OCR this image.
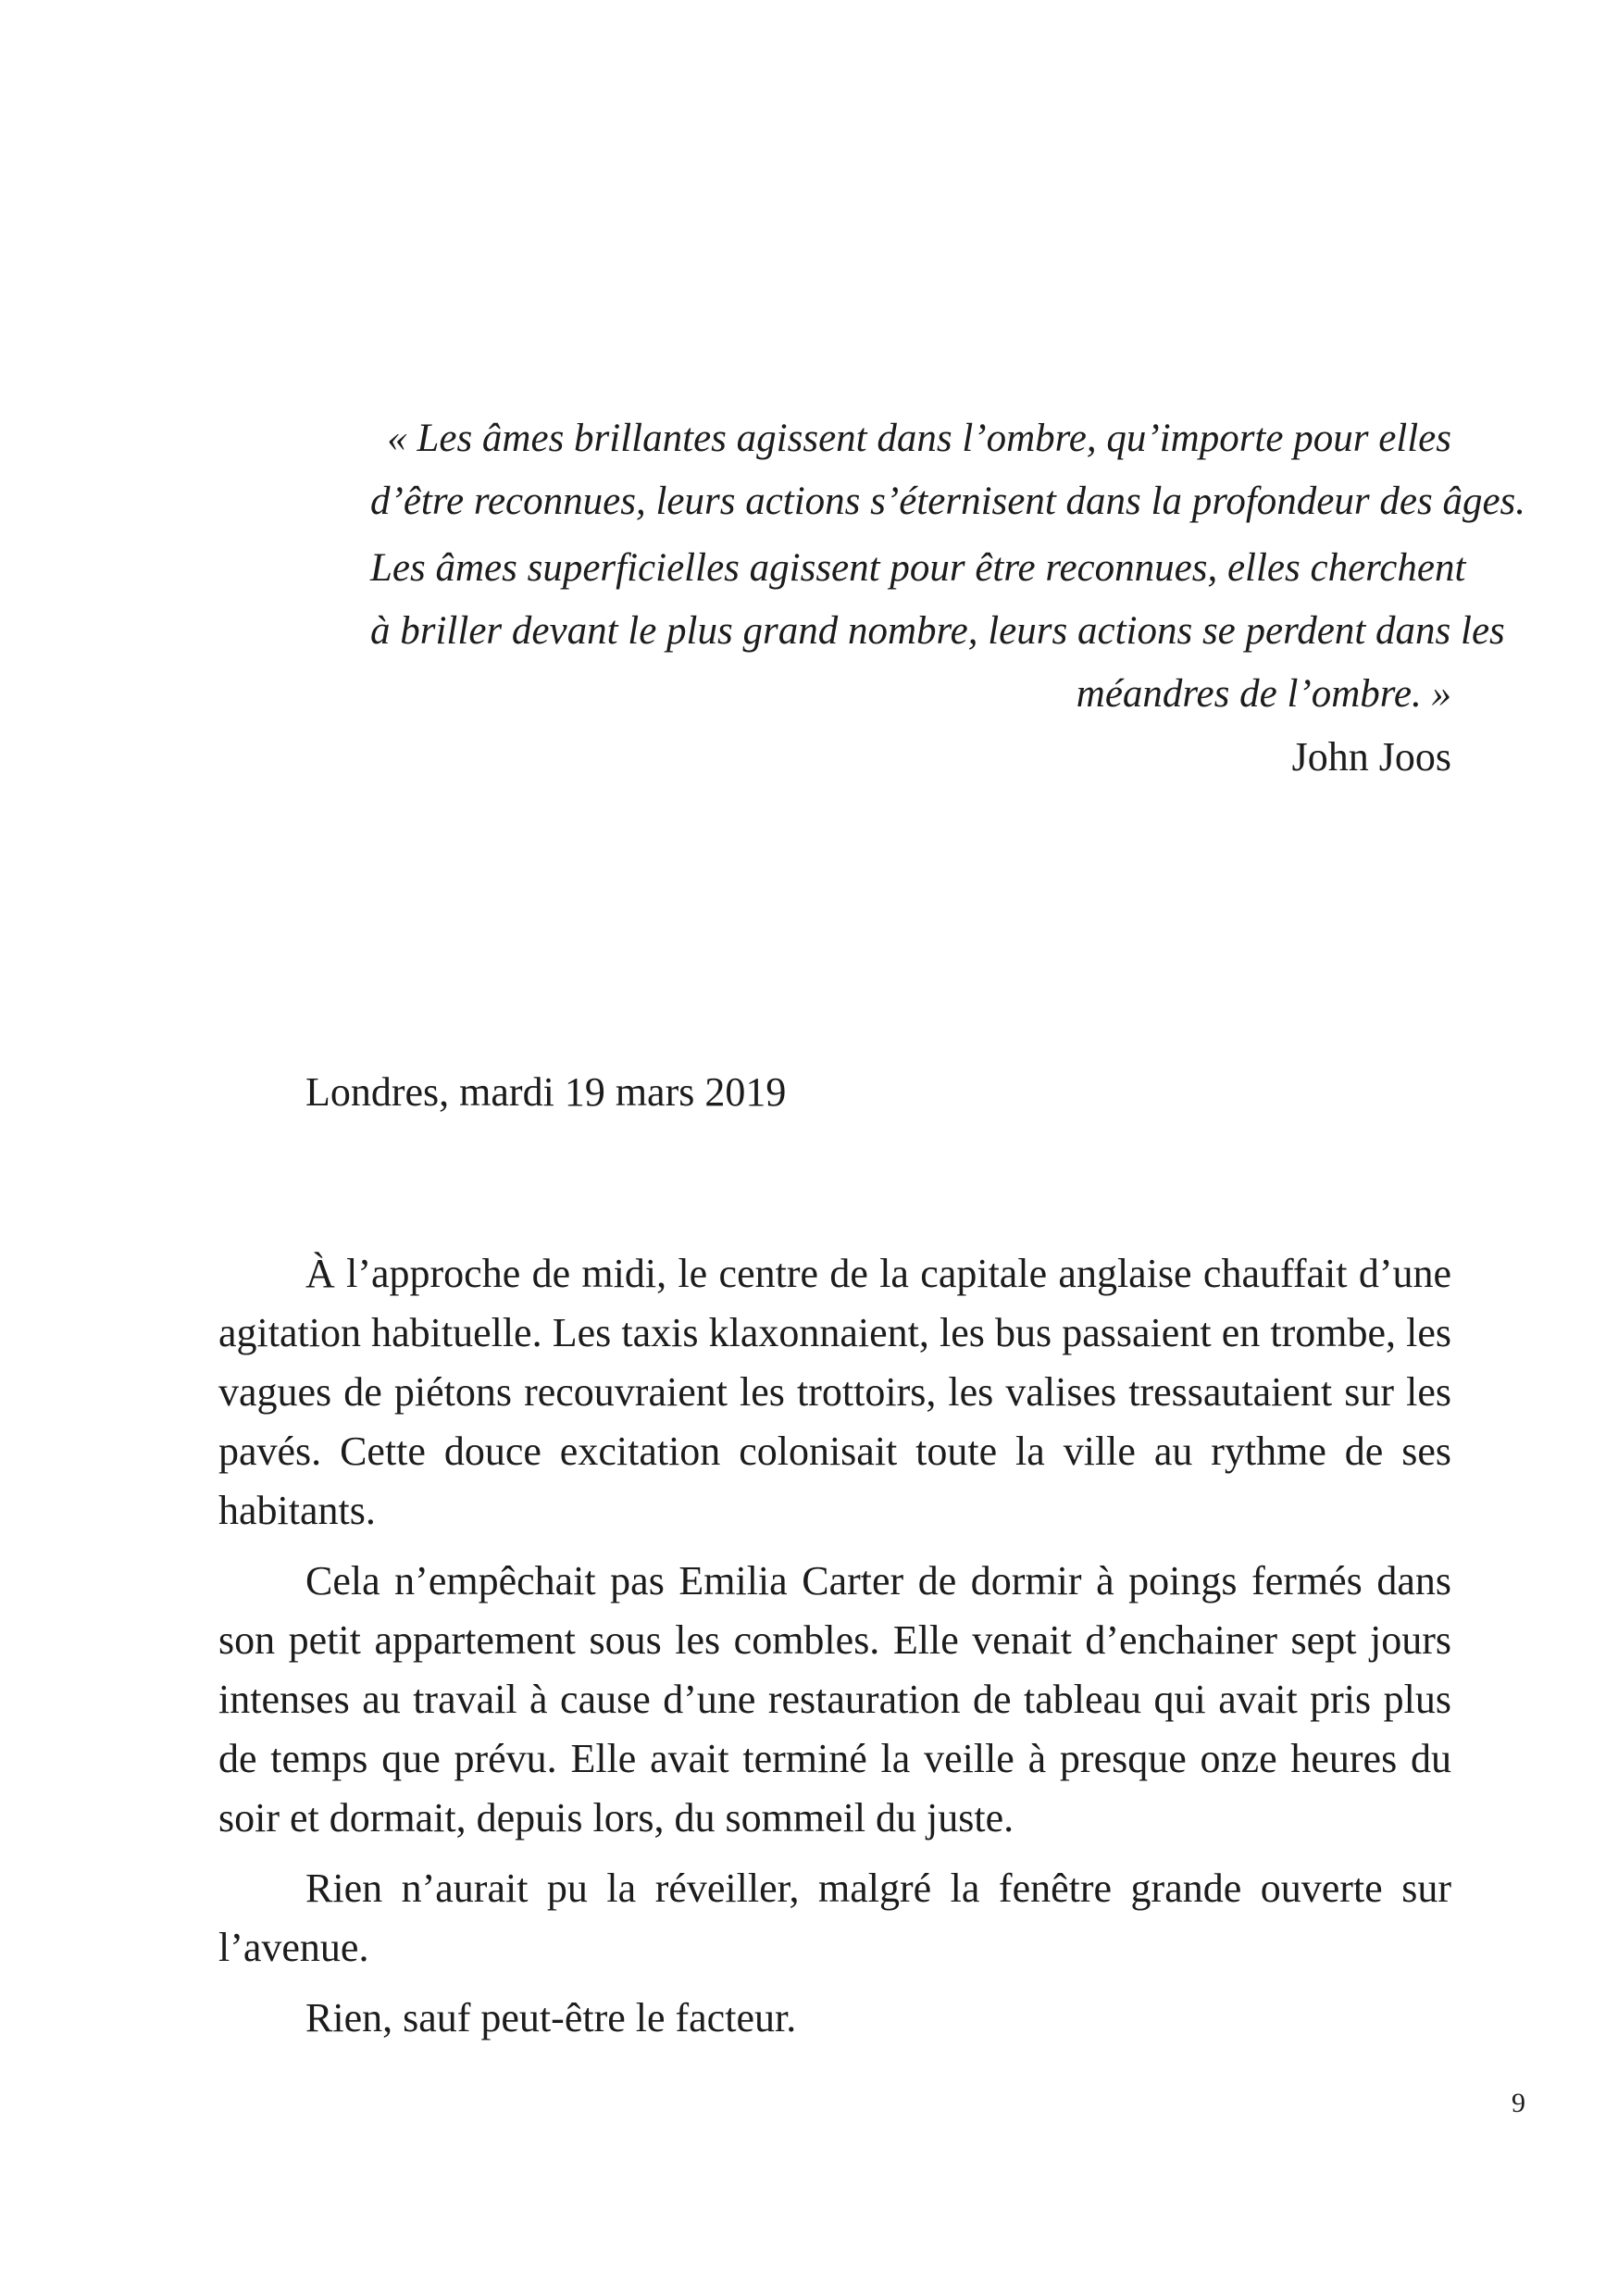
« Les âmes brillantes agissent dans l’ombre, qu’importe pour elles
d’être reconnues, leurs actions s’éternisent dans la profondeur des âges.
Les âmes superficielles agissent pour être reconnues, elles cherchent
à briller devant le plus grand nombre, leurs actions se perdent dans les
méandres de l’ombre. »

John Joos

Londres, mardi 19 mars 2019

À l’approche de midi, le centre de la capitale anglaise chauffait d’une agitation habituelle. Les taxis klaxonnaient, les bus passaient en trombe, les vagues de piétons recouvraient les trottoirs, les valises tressautaient sur les pavés. Cette douce excitation colonisait toute la ville au rythme de ses habitants.

Cela n’empêchait pas Emilia Carter de dormir à poings fermés dans son petit appartement sous les combles. Elle venait d’enchainer sept jours intenses au travail à cause d’une restauration de tableau qui avait pris plus de temps que prévu. Elle avait terminé la veille à presque onze heures du soir et dormait, depuis lors, du sommeil du juste.

Rien n’aurait pu la réveiller, malgré la fenêtre grande ouverte sur l’avenue.

Rien, sauf peut-être le facteur.

9
